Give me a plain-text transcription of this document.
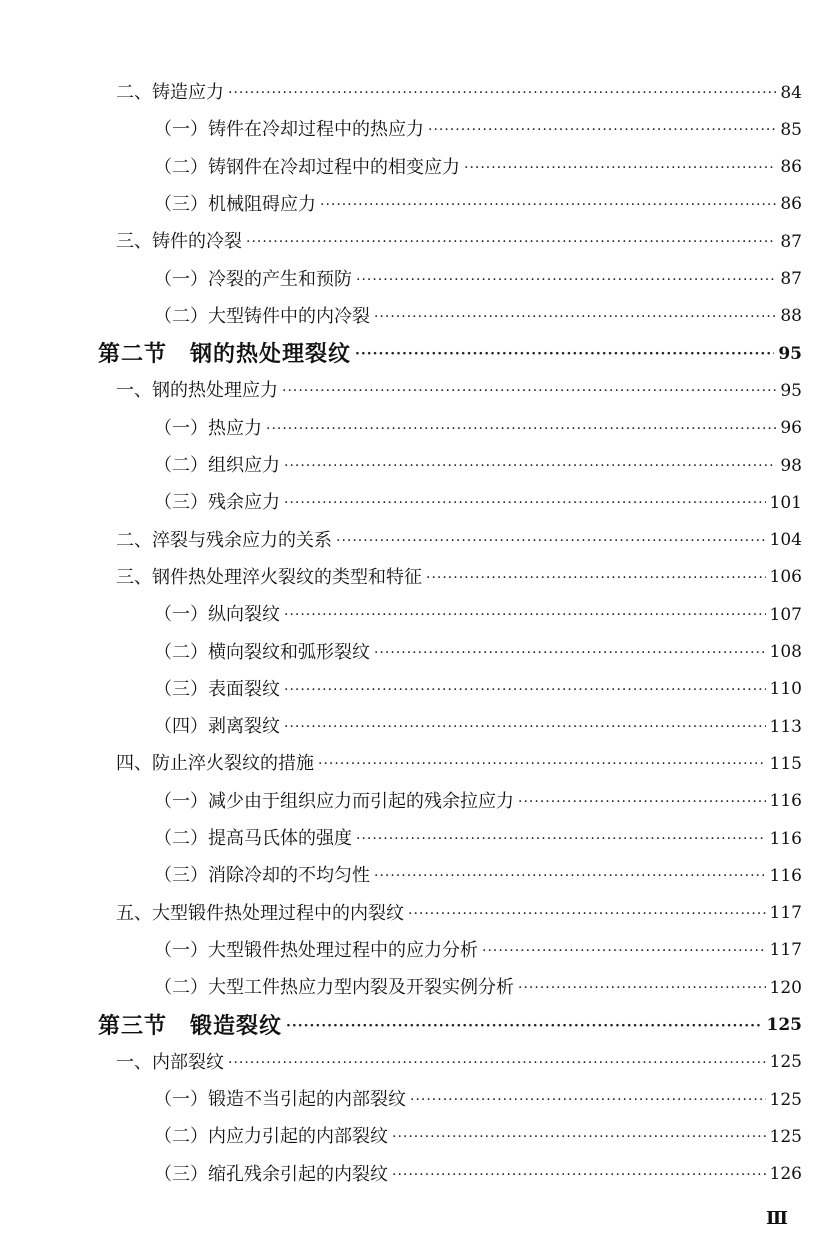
二、铸造应力 ·····	84
（一）铸件在冷却过程中的热应力 ·····	85
（二）铸钢件在冷却过程中的相变应力 ·····	86
（三）机械阻碍应力 ·····	86
三、铸件的冷裂 ·····	87
（一）冷裂的产生和预防 ·····	87
（二）大型铸件中的内冷裂 ·····	88
第二节　钢的热处理裂纹 ·····	95
一、钢的热处理应力 ·····	95
（一）热应力 ·····	96
（二）组织应力 ·····	98
（三）残余应力 ·····	101
二、淬裂与残余应力的关系 ·····	104
三、钢件热处理淬火裂纹的类型和特征 ·····	106
（一）纵向裂纹 ·····	107
（二）横向裂纹和弧形裂纹 ·····	108
（三）表面裂纹 ·····	110
（四）剥离裂纹 ·····	113
四、防止淬火裂纹的措施 ·····	115
（一）减少由于组织应力而引起的残余拉应力 ·····	116
（二）提高马氏体的强度 ·····	116
（三）消除冷却的不均匀性 ·····	116
五、大型锻件热处理过程中的内裂纹 ·····	117
（一）大型锻件热处理过程中的应力分析 ·····	117
（二）大型工件热应力型内裂及开裂实例分析 ·····	120
第三节　锻造裂纹 ·····	125
一、内部裂纹 ·····	125
（一）锻造不当引起的内部裂纹 ·····	125
（二）内应力引起的内部裂纹 ·····	125
（三）缩孔残余引起的内裂纹 ·····	126
Ⅲ
